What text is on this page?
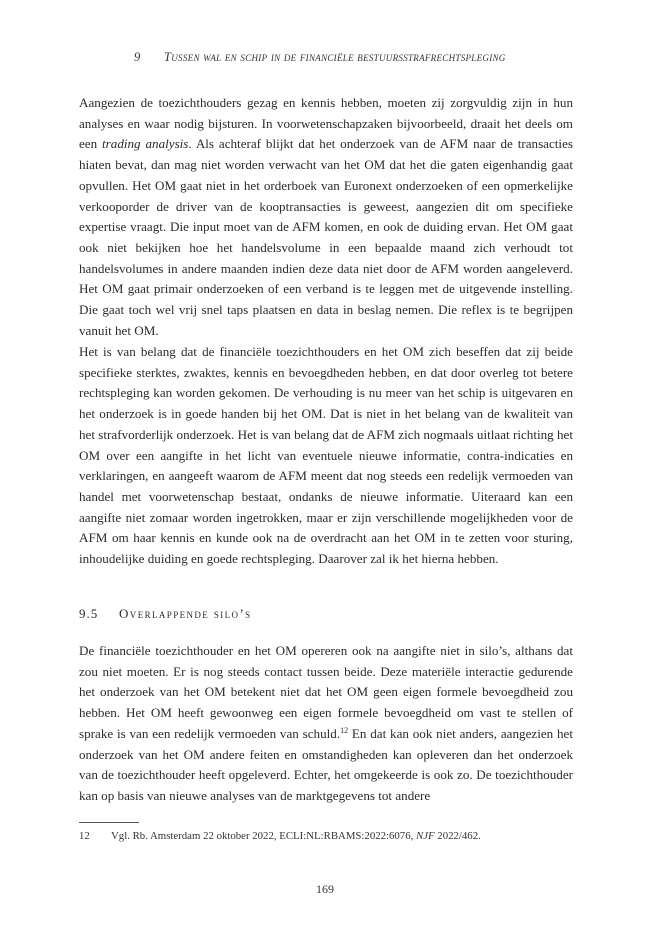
9 Tussen wal en schip in de financiële bestuursstrafrechtspleging

Aangezien de toezichthouders gezag en kennis hebben, moeten zij zorgvuldig zijn in hun analyses en waar nodig bijsturen. In voorwetenschapzaken bijvoorbeeld, draait het deels om een trading analysis. Als achteraf blijkt dat het onderzoek van de AFM naar de transacties hiaten bevat, dan mag niet worden verwacht van het OM dat het die gaten eigenhandig gaat opvullen. Het OM gaat niet in het orderboek van Euronext onderzoeken of een opmerkelijke verkooporder de driver van de kooptransacties is geweest, aangezien dit om specifieke expertise vraagt. Die input moet van de AFM komen, en ook de duiding ervan. Het OM gaat ook niet bekijken hoe het handelsvolume in een bepaalde maand zich verhoudt tot handelsvolumes in andere maanden indien deze data niet door de AFM worden aangeleverd. Het OM gaat primair onderzoeken of een verband is te leggen met de uitgevende instelling. Die gaat toch wel vrij snel taps plaatsen en data in beslag nemen. Die reflex is te begrijpen vanuit het OM.

Het is van belang dat de financiële toezichthouders en het OM zich beseffen dat zij beide specifieke sterktes, zwaktes, kennis en bevoegdheden hebben, en dat door overleg tot betere rechtspleging kan worden gekomen. De verhouding is nu meer van het schip is uitgevaren en het onderzoek is in goede handen bij het OM. Dat is niet in het belang van de kwaliteit van het strafvorderlijk onderzoek. Het is van belang dat de AFM zich nogmaals uitlaat richting het OM over een aangifte in het licht van eventuele nieuwe informatie, contra-indicaties en verklaringen, en aangeeft waarom de AFM meent dat nog steeds een redelijk vermoeden van handel met voorwetenschap bestaat, ondanks de nieuwe informatie. Uiteraard kan een aangifte niet zomaar worden ingetrokken, maar er zijn verschillende mogelijkheden voor de AFM om haar kennis en kunde ook na de overdracht aan het OM in te zetten voor sturing, inhoudelijke duiding en goede rechtspleging. Daarover zal ik het hierna hebben.

9.5 Overlappende silo’s

De financiële toezichthouder en het OM opereren ook na aangifte niet in silo’s, althans dat zou niet moeten. Er is nog steeds contact tussen beide. Deze materiële interactie gedurende het onderzoek van het OM betekent niet dat het OM geen eigen formele bevoegdheid zou hebben. Het OM heeft gewoonweg een eigen formele bevoegdheid om vast te stellen of sprake is van een redelijk vermoeden van schuld.$^{12}$ En dat kan ook niet anders, aangezien het onderzoek van het OM andere feiten en omstandigheden kan opleveren dan het onderzoek van de toezichthouder heeft opgeleverd. Echter, het omgekeerde is ook zo. De toezichthouder kan op basis van nieuwe analyses van de marktgegevens tot andere

12 Vgl. Rb. Amsterdam 22 oktober 2022, ECLI:NL:RBAMS:2022:6076, NJF 2022/462.
169
